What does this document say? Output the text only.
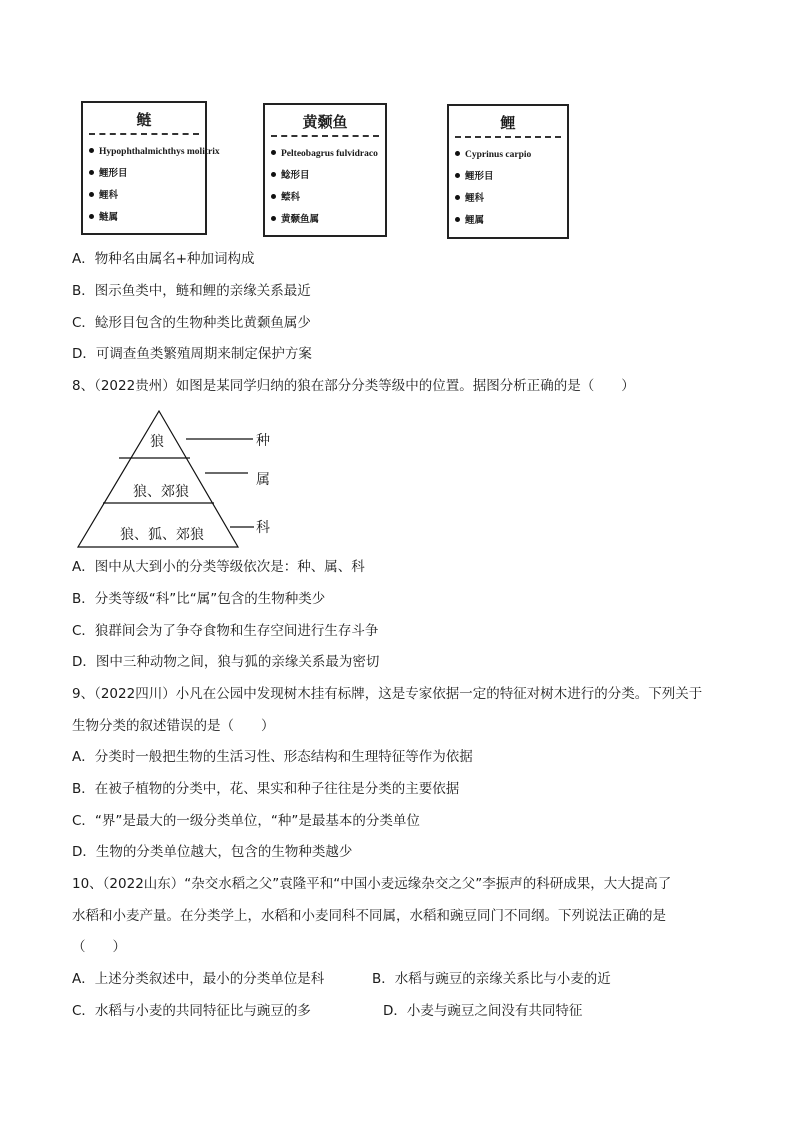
鲢
Hypophthalmichthys molitrix
鲤形目
鲤科
鲢属
黄颡鱼
Pelteobagrus fulvidraco
鲶形目
鲿科
黄颡鱼属
鲤
Cyprinus carpio
鲤形目
鲤科
鲤属
A．物种名由属名+种加词构成
B．图示鱼类中，鲢和鲤的亲缘关系最近
C．鲶形目包含的生物种类比黄颡鱼属少
D．可调查鱼类繁殖周期来制定保护方案
8、（2022贵州）如图是某同学归纳的狼在部分分类等级中的位置。据图分析正确的是（　　）
狼
狼、郊狼
狼、狐、郊狼
种
属
科
A．图中从大到小的分类等级依次是：种、属、科
B．分类等级“科”比“属”包含的生物种类少
C．狼群间会为了争夺食物和生存空间进行生存斗争
D．图中三种动物之间，狼与狐的亲缘关系最为密切
9、（2022四川）小凡在公园中发现树木挂有标牌，这是专家依据一定的特征对树木进行的分类。下列关于
生物分类的叙述错误的是（　　）
A．分类时一般把生物的生活习性、形态结构和生理特征等作为依据
B．在被子植物的分类中，花、果实和种子往往是分类的主要依据
C．“界”是最大的一级分类单位，“种”是最基本的分类单位
D．生物的分类单位越大，包含的生物种类越少
10、（2022山东）“杂交水稻之父”袁隆平和“中国小麦远缘杂交之父”李振声的科研成果，大大提高了
水稻和小麦产量。在分类学上，水稻和小麦同科不同属，水稻和豌豆同门不同纲。下列说法正确的是
（　　）
A．上述分类叙述中，最小的分类单位是科	B．水稻与豌豆的亲缘关系比与小麦的近
C．水稻与小麦的共同特征比与豌豆的多	D．小麦与豌豆之间没有共同特征
